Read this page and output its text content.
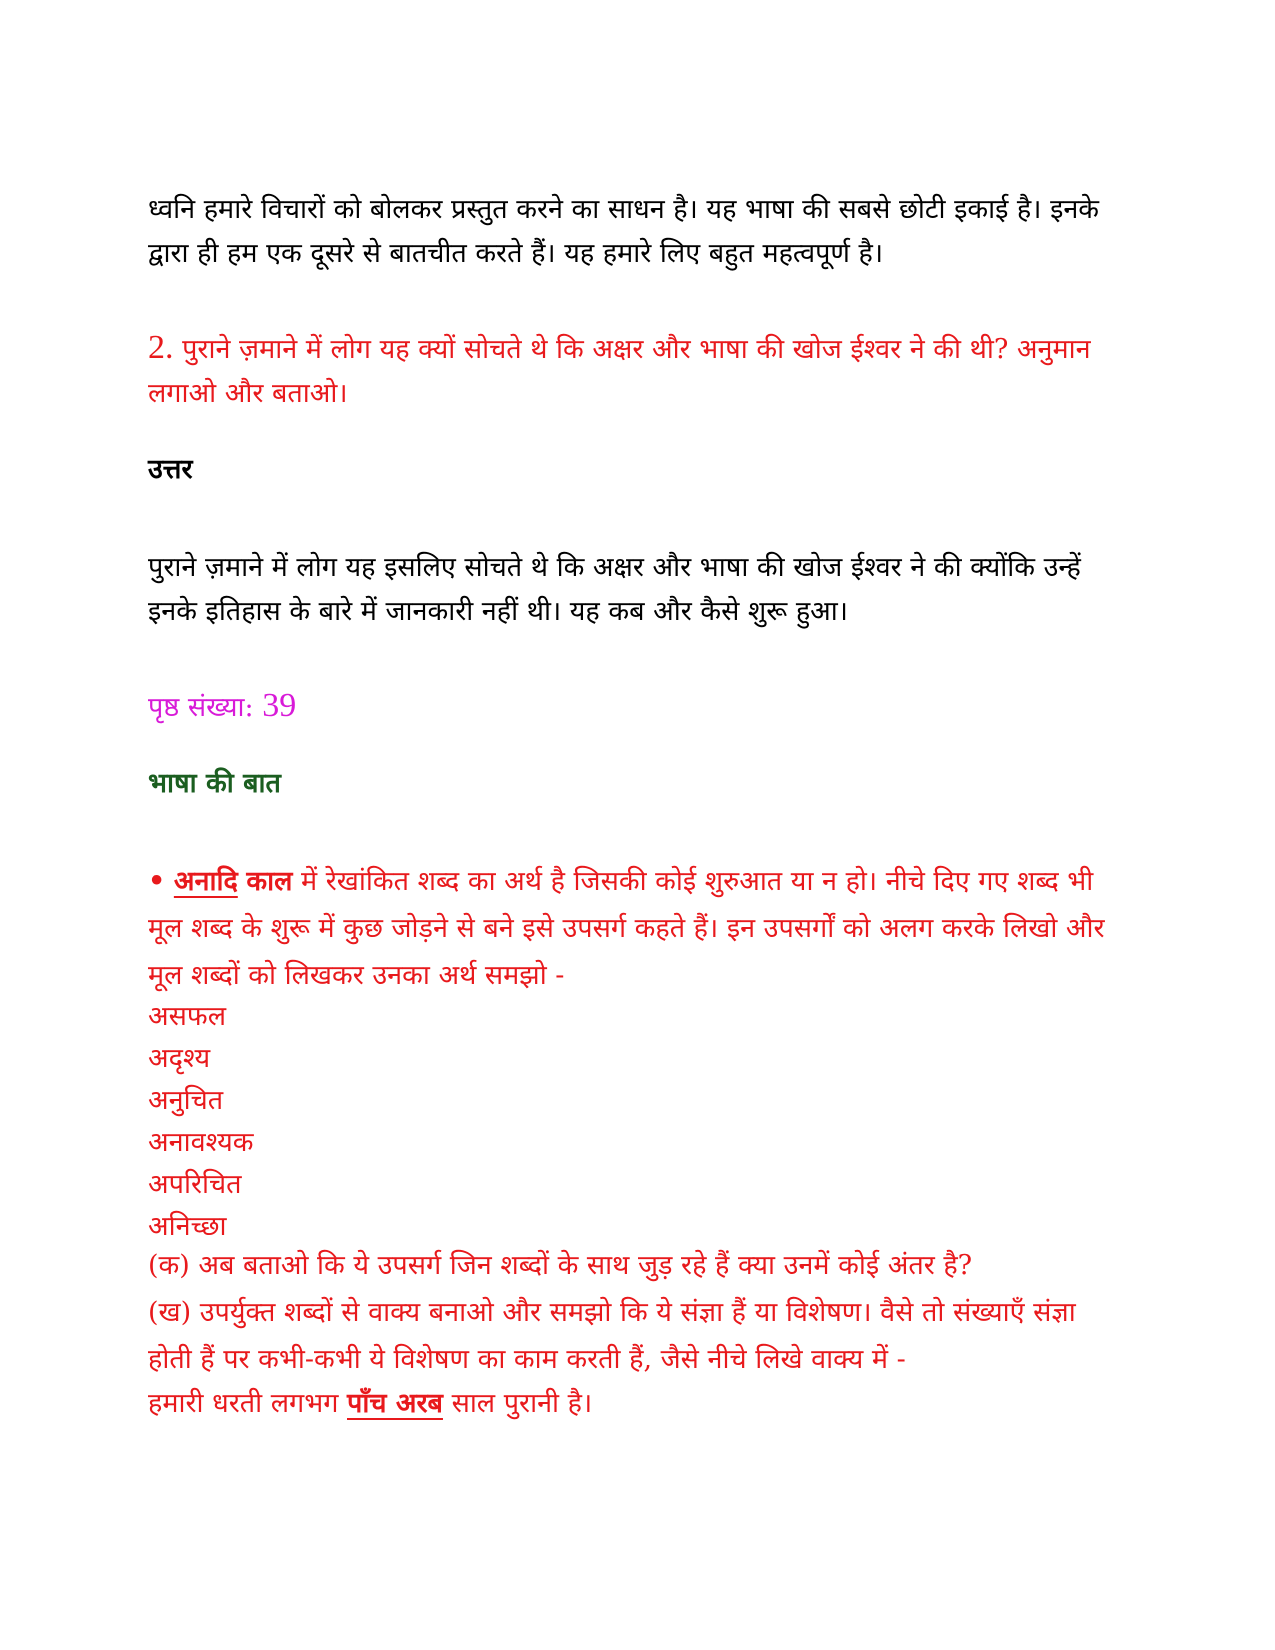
ध्वनि हमारे विचारों को बोलकर प्रस्तुत करने का साधन है। यह भाषा की सबसे छोटी इकाई है। इनके द्वारा ही हम एक दूसरे से बातचीत करते हैं। यह हमारे लिए बहुत महत्वपूर्ण है।

2. पुराने ज़माने में लोग यह क्यों सोचते थे कि अक्षर और भाषा की खोज ईश्वर ने की थी? अनुमान लगाओ और बताओ।

उत्तर

पुराने ज़माने में लोग यह इसलिए सोचते थे कि अक्षर और भाषा की खोज ईश्वर ने की क्योंकि उन्हें इनके इतिहास के बारे में जानकारी नहीं थी। यह कब और कैसे शुरू हुआ।

पृष्ठ संख्या: 39

भाषा की बात

• अनादि काल में रेखांकित शब्द का अर्थ है जिसकी कोई शुरुआत या न हो। नीचे दिए गए शब्द भी मूल शब्द के शुरू में कुछ जोड़ने से बने इसे उपसर्ग कहते हैं। इन उपसर्गों को अलग करके लिखो और मूल शब्दों को लिखकर उनका अर्थ समझो -

असफल
अदृश्य
अनुचित
अनावश्यक
अपरिचित
अनिच्छा
(क) अब बताओ कि ये उपसर्ग जिन शब्दों के साथ जुड़ रहे हैं क्या उनमें कोई अंतर है?
(ख) उपर्युक्त शब्दों से वाक्य बनाओ और समझो कि ये संज्ञा हैं या विशेषण। वैसे तो संख्याएँ संज्ञा होती हैं पर कभी-कभी ये विशेषण का काम करती हैं, जैसे नीचे लिखे वाक्य में -

हमारी धरती लगभग पाँच अरब साल पुरानी है।
